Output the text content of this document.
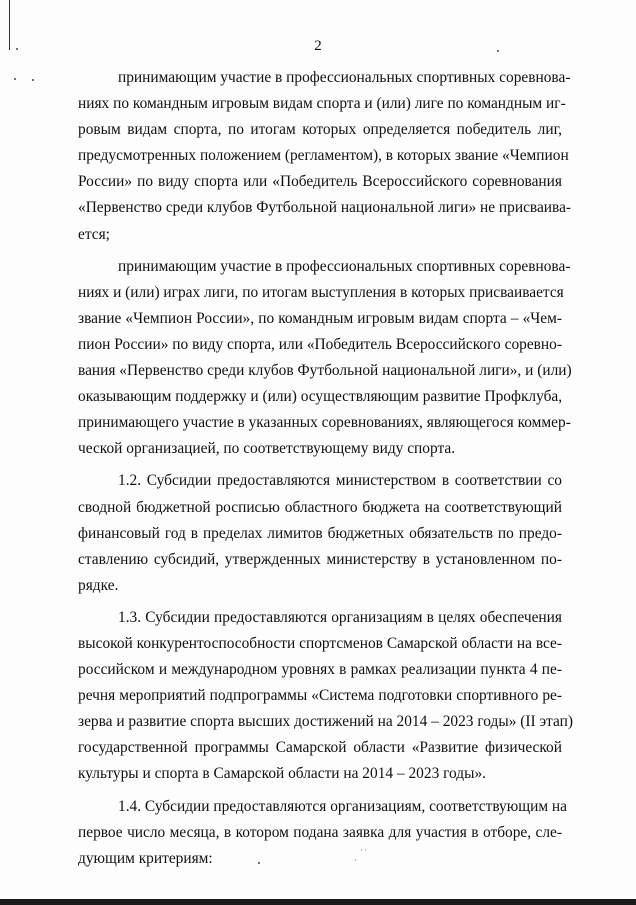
˙ ̇
`
2
принимающим участие в профессиональных спортивных соревнова-
ниях по командным игровым видам спорта и (или) лиге по командным иг-
ровым видам спорта, по итогам которых определяется победитель лиг,
предусмотренных положением (регламентом), в которых звание «Чемпион
России» по виду спорта или «Победитель Всероссийского соревнования
«Первенство среди клубов Футбольной национальной лиги» не присваива-
ется;
принимающим участие в профессиональных спортивных соревнова-
ниях и (или) играх лиги, по итогам выступления в которых присваивается
звание «Чемпион России», по командным игровым видам спорта – «Чем-
пион России» по виду спорта, или «Победитель Всероссийского соревно-
вания «Первенство среди клубов Футбольной национальной лиги», и (или)
оказывающим поддержку и (или) осуществляющим развитие Профклуба,
принимающего участие в указанных соревнованиях, являющегося коммер-
ческой организацией, по соответствующему виду спорта.
1.2. Субсидии предоставляются министерством в соответствии со
сводной бюджетной росписью областного бюджета на соответствующий
финансовый год в пределах лимитов бюджетных обязательств по предо-
ставлению субсидий, утвержденных министерству в установленном по-
рядке.
1.3. Субсидии предоставляются организациям в целях обеспечения
высокой конкурентоспособности спортсменов Самарской области на все-
российском и международном уровнях в рамках реализации пункта 4 пе-
речня мероприятий подпрограммы «Система подготовки спортивного ре-
зерва и развитие спорта высших достижений на 2014 – 2023 годы» (II этап)
государственной программы Самарской области «Развитие физической
культуры и спорта в Самарской области на 2014 – 2023 годы».
1.4. Субсидии предоставляются организациям, соответствующим на
первое число месяца, в котором подана заявка для участия в отборе, сле-
дующим критериям:
